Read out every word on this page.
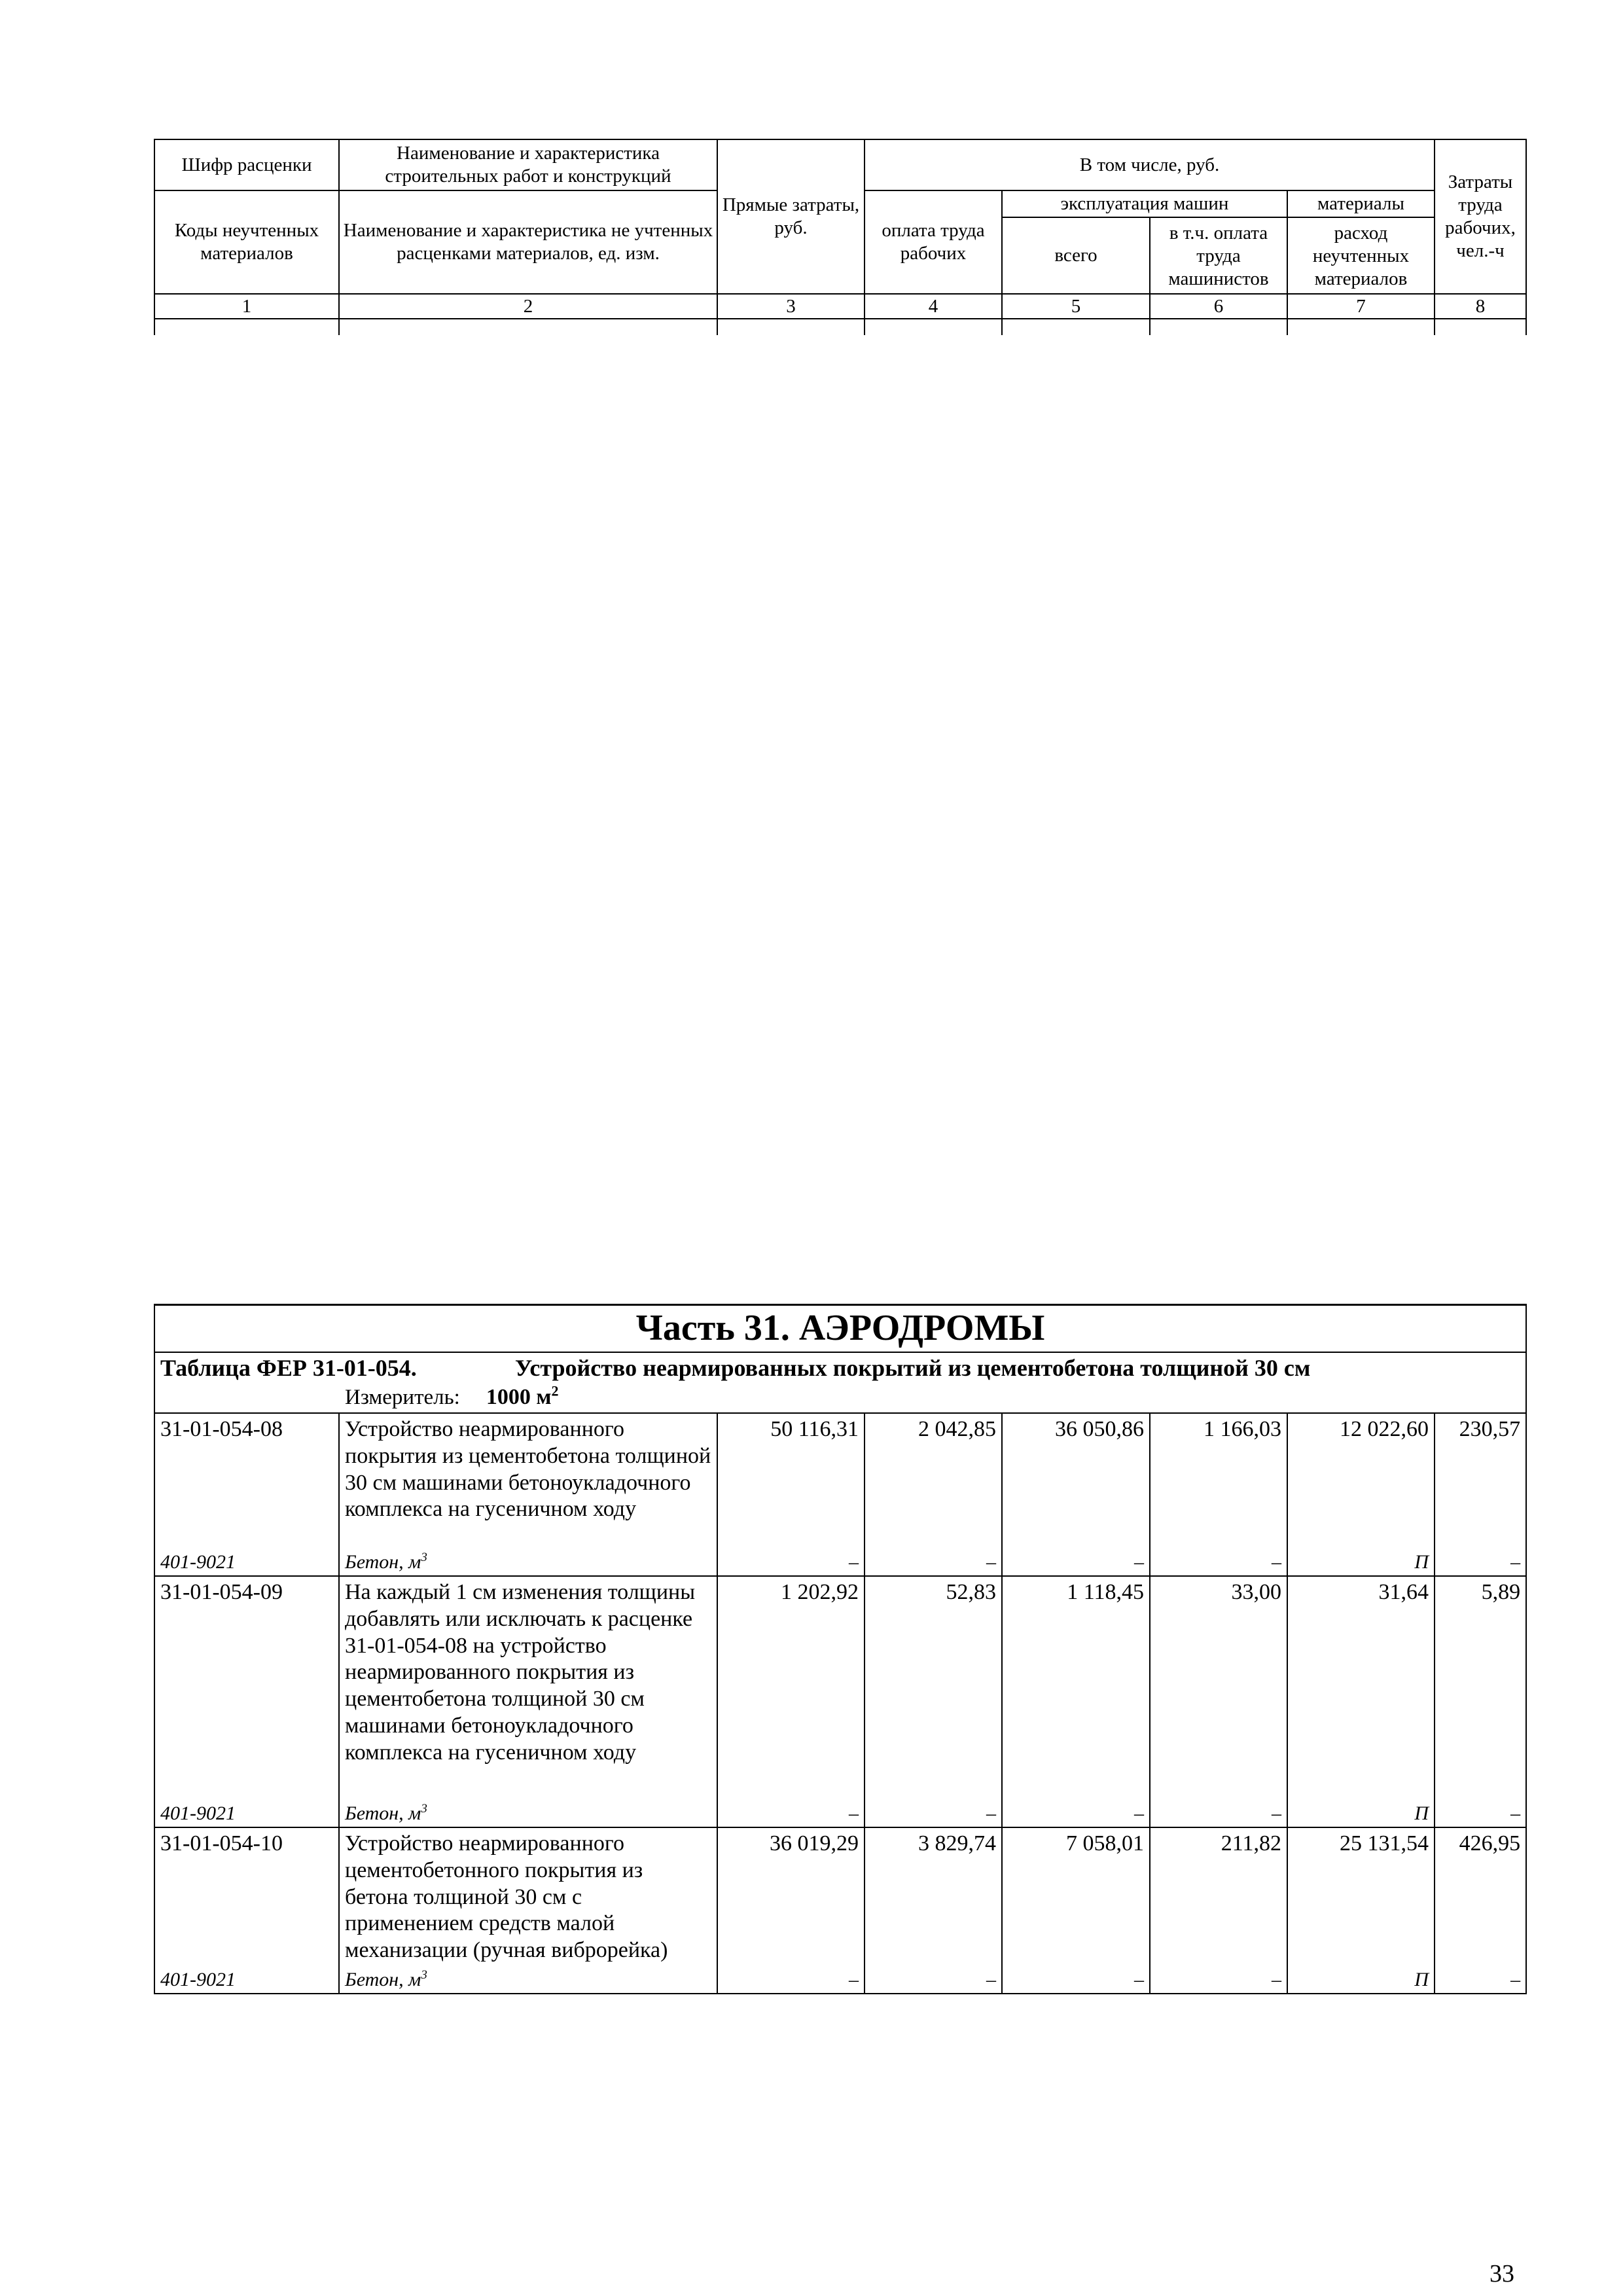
Шифр расценки	Наименование и характеристика строительных работ и конструкций	Прямые затраты, руб.	В том числе, руб.				Затраты труда рабочих, чел.-ч
Коды неучтенных материалов	Наименование и характеристика не учтенных расценками материалов, ед. изм.		оплата труда рабочих	эксплуатация машин		материалы	
				всего	в т.ч. оплата труда машинистов	расход неучтенных материалов	
1	2	3	4	5	6	7	8

Часть 31. АЭРОДРОМЫ							
Таблица ФЕР 31-01-054. Устройство неармированных покрытий из цементобетона толщиной 30 см							
Измеритель: 1000 $м^2$
31-01-054-08	Устройство неармированного покрытия из цементобетона толщиной 30 см машинами бетоноукладочного комплекса на гусеничном ходу	50 116,31	2 042,85	36 050,86	1 166,03	12 022,60	230,57
401-9021	Бетон, $м^3$	–	–	–	–	П	–
31-01-054-09	На каждый 1 см изменения толщины добавлять или исключать к расценке 31-01-054-08 на устройство неармированного покрытия из цементобетона толщиной 30 см машинами бетоноукладочного комплекса на гусеничном ходу	1 202,92	52,83	1 118,45	33,00	31,64	5,89
401-9021	Бетон, $м^3$	–	–	–	–	П	–
31-01-054-10	Устройство неармированного цементобетонного покрытия из бетона толщиной 30 см с применением средств малой механизации (ручная виброрейка)	36 019,29	3 829,74	7 058,01	211,82	25 131,54	426,95
401-9021	Бетон, $м^3$	–	–	–	–	П	–
33
